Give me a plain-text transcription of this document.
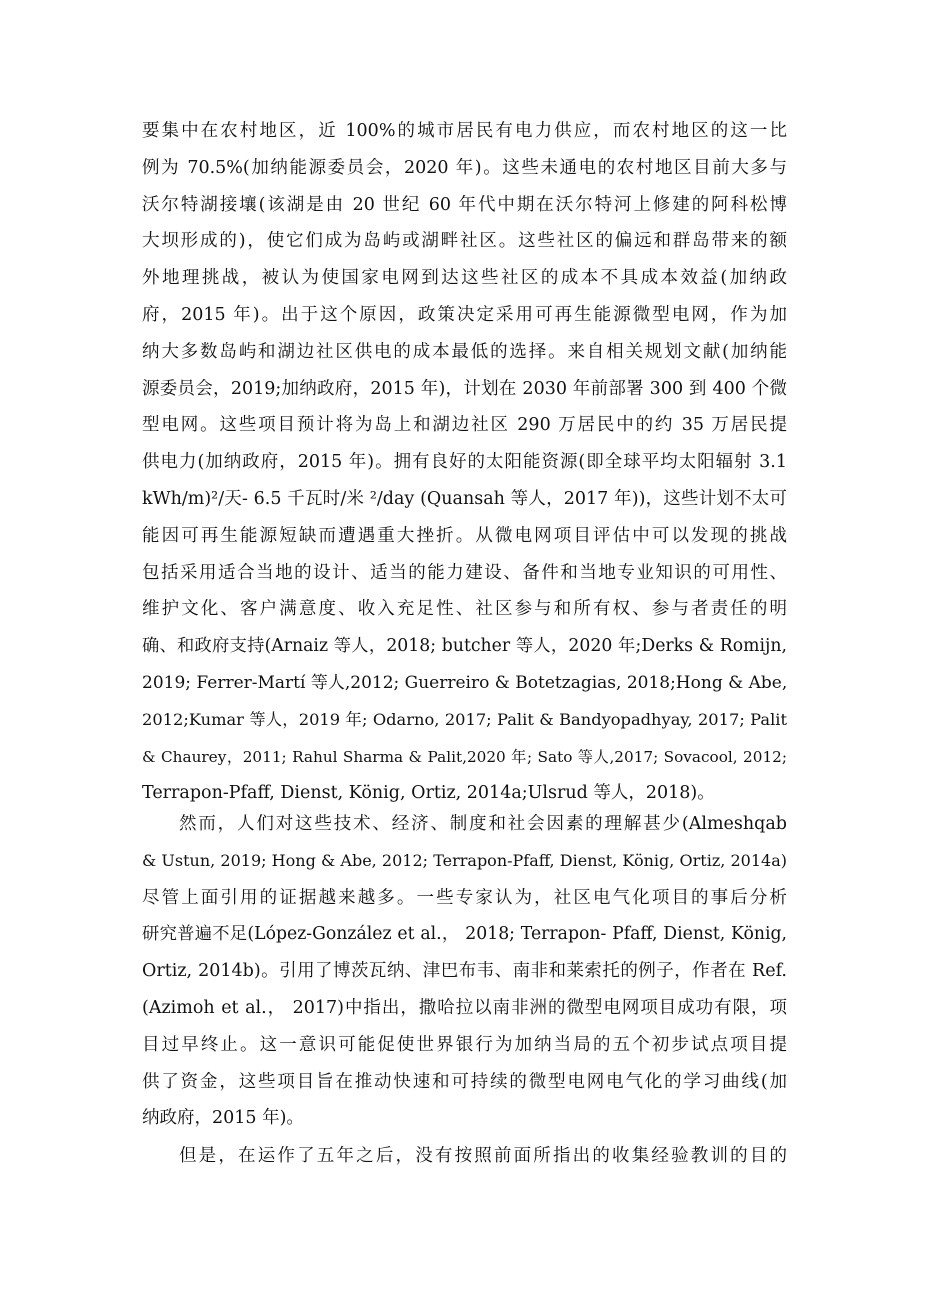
要集中在农村地区，近 100%的城市居民有电力供应，而农村地区的这一比
例为 70.5%(加纳能源委员会，2020 年)。这些未通电的农村地区目前大多与
沃尔特湖接壤(该湖是由 20 世纪 60 年代中期在沃尔特河上修建的阿科松博
大坝形成的)，使它们成为岛屿或湖畔社区。这些社区的偏远和群岛带来的额
外地理挑战，被认为使国家电网到达这些社区的成本不具成本效益(加纳政
府，2015 年)。出于这个原因，政策决定采用可再生能源微型电网，作为加
纳大多数岛屿和湖边社区供电的成本最低的选择。来自相关规划文献(加纳能
源委员会，2019;加纳政府，2015 年)，计划在 2030 年前部署 300 到 400 个微
型电网。这些项目预计将为岛上和湖边社区 290 万居民中的约 35 万居民提
供电力(加纳政府，2015 年)。拥有良好的太阳能资源(即全球平均太阳辐射 3.1
kWh/m)²/天- 6.5 千瓦时/米 ²/day (Quansah 等人，2017 年))，这些计划不太可
能因可再生能源短缺而遭遇重大挫折。从微电网项目评估中可以发现的挑战
包括采用适合当地的设计、适当的能力建设、备件和当地专业知识的可用性、
维护文化、客户满意度、收入充足性、社区参与和所有权、参与者责任的明
确、和政府支持(Arnaiz 等人，2018; butcher 等人，2020 年;Derks & Romijn,
2019; Ferrer-Martí 等人,2012; Guerreiro & Botetzagias, 2018;Hong & Abe,
2012;Kumar 等人，2019 年; Odarno, 2017; Palit & Bandyopadhyay, 2017; Palit
& Chaurey，2011; Rahul Sharma & Palit,2020 年; Sato 等人,2017; Sovacool, 2012;
Terrapon-Pfaff, Dienst, König, Ortiz, 2014a;Ulsrud 等人，2018)。
然而，人们对这些技术、经济、制度和社会因素的理解甚少(Almeshqab
& Ustun, 2019; Hong & Abe, 2012; Terrapon-Pfaff, Dienst, König, Ortiz, 2014a)
尽管上面引用的证据越来越多。一些专家认为，社区电气化项目的事后分析
研究普遍不足(López-González et al.， 2018; Terrapon- Pfaff, Dienst, König,
Ortiz, 2014b)。引用了博茨瓦纳、津巴布韦、南非和莱索托的例子，作者在 Ref.
(Azimoh et al.， 2017)中指出，撒哈拉以南非洲的微型电网项目成功有限，项
目过早终止。这一意识可能促使世界银行为加纳当局的五个初步试点项目提
供了资金，这些项目旨在推动快速和可持续的微型电网电气化的学习曲线(加
纳政府，2015 年)。
但是，在运作了五年之后，没有按照前面所指出的收集经验教训的目的
